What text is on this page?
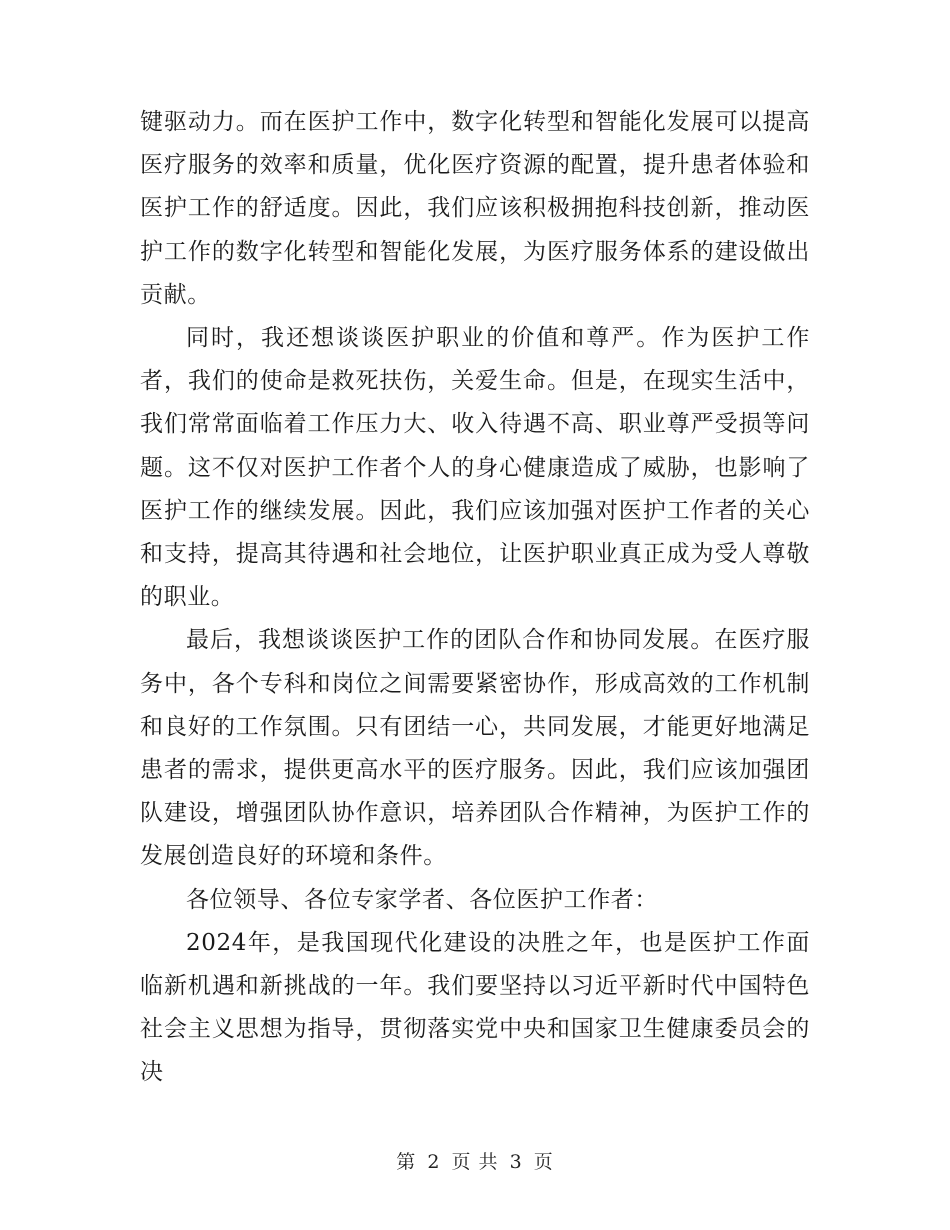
键驱动力。而在医护工作中，数字化转型和智能化发展可以提高医疗服务的效率和质量，优化医疗资源的配置，提升患者体验和医护工作的舒适度。因此，我们应该积极拥抱科技创新，推动医护工作的数字化转型和智能化发展，为医疗服务体系的建设做出贡献。

同时，我还想谈谈医护职业的价值和尊严。作为医护工作者，我们的使命是救死扶伤，关爱生命。但是，在现实生活中，我们常常面临着工作压力大、收入待遇不高、职业尊严受损等问题。这不仅对医护工作者个人的身心健康造成了威胁，也影响了医护工作的继续发展。因此，我们应该加强对医护工作者的关心和支持，提高其待遇和社会地位，让医护职业真正成为受人尊敬的职业。

最后，我想谈谈医护工作的团队合作和协同发展。在医疗服务中，各个专科和岗位之间需要紧密协作，形成高效的工作机制和良好的工作氛围。只有团结一心，共同发展，才能更好地满足患者的需求，提供更高水平的医疗服务。因此，我们应该加强团队建设，增强团队协作意识，培养团队合作精神，为医护工作的发展创造良好的环境和条件。

各位领导、各位专家学者、各位医护工作者：

2024年，是我国现代化建设的决胜之年，也是医护工作面临新机遇和新挑战的一年。我们要坚持以习近平新时代中国特色社会主义思想为指导，贯彻落实党中央和国家卫生健康委员会的决

第 2 页 共 3 页
